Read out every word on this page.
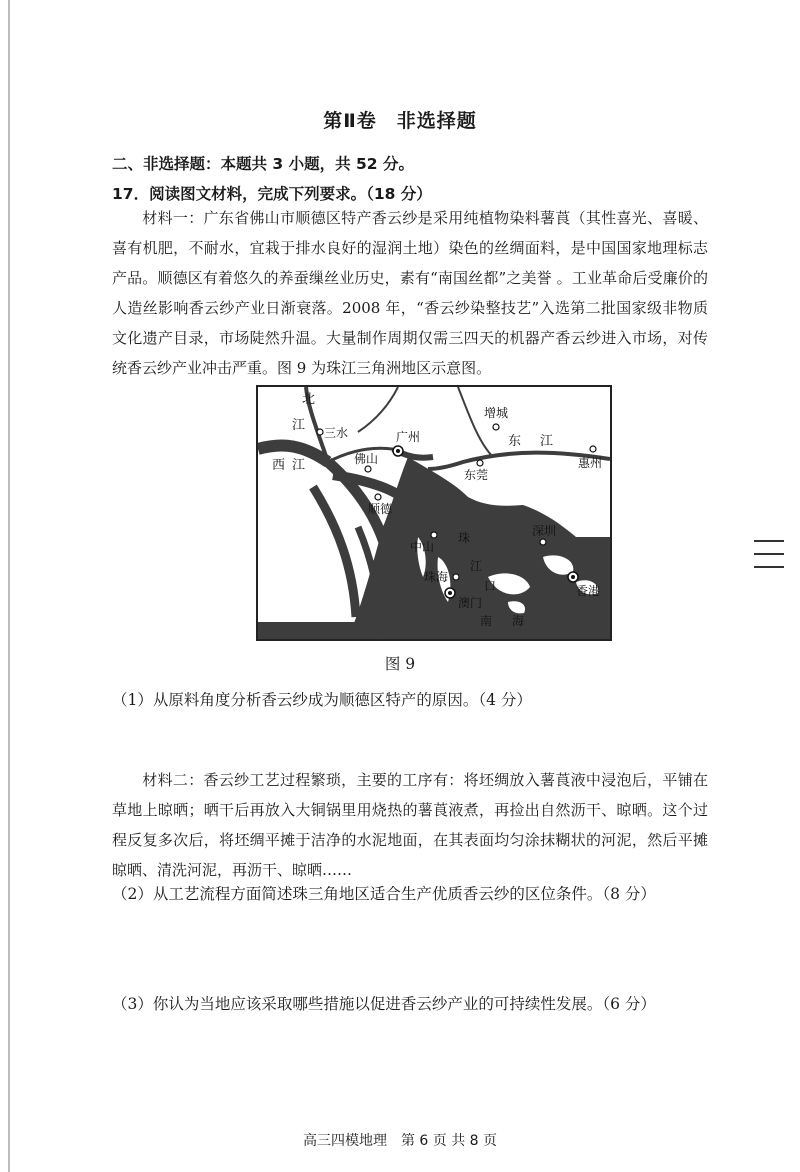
第Ⅱ卷　非选择题
二、非选择题：本题共 3 小题，共 52 分。
17．阅读图文材料，完成下列要求。（18 分）
材料一：广东省佛山市顺德区特产香云纱是采用纯植物染料薯莨（其性喜光、喜暖、喜有机肥，不耐水，宜栽于排水良好的湿润土地）染色的丝绸面料，是中国国家地理标志产品。顺德区有着悠久的养蚕缫丝业历史，素有“南国丝都”之美誉 。工业革命后受廉价的人造丝影响香云纱产业日渐衰落。2008 年，“香云纱染整技艺”入选第二批国家级非物质文化遗产目录，市场陡然升温。大量制作周期仅需三四天的机器产香云纱进入市场，对传统香云纱产业冲击严重。图 9 为珠江三角洲地区示意图。
北
江 三水
西 江
广州
佛山
增城
东 江
东莞
惠州
顺德
中山
珠
江
口
深圳
珠海
澳门
香港
南 海
图 9
（1）从原料角度分析香云纱成为顺德区特产的原因。（4 分）
材料二：香云纱工艺过程繁琐，主要的工序有：将坯绸放入薯莨液中浸泡后，平铺在草地上晾晒；晒干后再放入大铜锅里用烧热的薯莨液煮，再捡出自然沥干、晾晒。这个过程反复多次后，将坯绸平摊于洁净的水泥地面，在其表面均匀涂抹糊状的河泥，然后平摊晾晒、清洗河泥，再沥干、晾晒……
（2）从工艺流程方面简述珠三角地区适合生产优质香云纱的区位条件。（8 分）
（3）你认为当地应该采取哪些措施以促进香云纱产业的可持续性发展。（6 分）
高三四模地理　第 6 页 共 8 页
